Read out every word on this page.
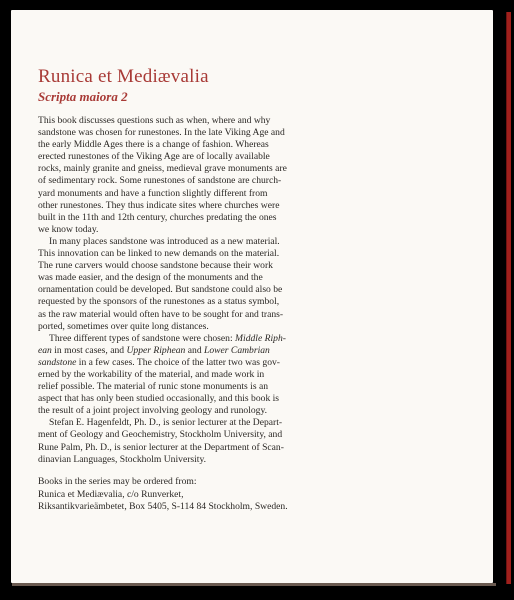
Runica et Mediævalia
Scripta maiora 2
This book discusses questions such as when, where and why
sandstone was chosen for runestones. In the late Viking Age and
the early Middle Ages there is a change of fashion. Whereas
erected runestones of the Viking Age are of locally available
rocks, mainly granite and gneiss, medieval grave monuments are
of sedimentary rock. Some runestones of sandstone are church-
yard monuments and have a function slightly different from
other runestones. They thus indicate sites where churches were
built in the 11th and 12th century, churches predating the ones
we know today.
In many places sandstone was introduced as a new material.
This innovation can be linked to new demands on the material.
The rune carvers would choose sandstone because their work
was made easier, and the design of the monuments and the
ornamentation could be developed. But sandstone could also be
requested by the sponsors of the runestones as a status symbol,
as the raw material would often have to be sought for and trans-
ported, sometimes over quite long distances.
Three different types of sandstone were chosen: Middle Riph-
ean in most cases, and Upper Riphean and Lower Cambrian
sandstone in a few cases. The choice of the latter two was gov-
erned by the workability of the material, and made work in
relief possible. The material of runic stone monuments is an
aspect that has only been studied occasionally, and this book is
the result of a joint project involving geology and runology.
Stefan E. Hagenfeldt, Ph. D., is senior lecturer at the Depart-
ment of Geology and Geochemistry, Stockholm University, and
Rune Palm, Ph. D., is senior lecturer at the Department of Scan-
dinavian Languages, Stockholm University.
Books in the series may be ordered from:
Runica et Mediævalia, c/o Runverket,
Riksantikvarieämbetet, Box 5405, S-114 84 Stockholm, Sweden.
